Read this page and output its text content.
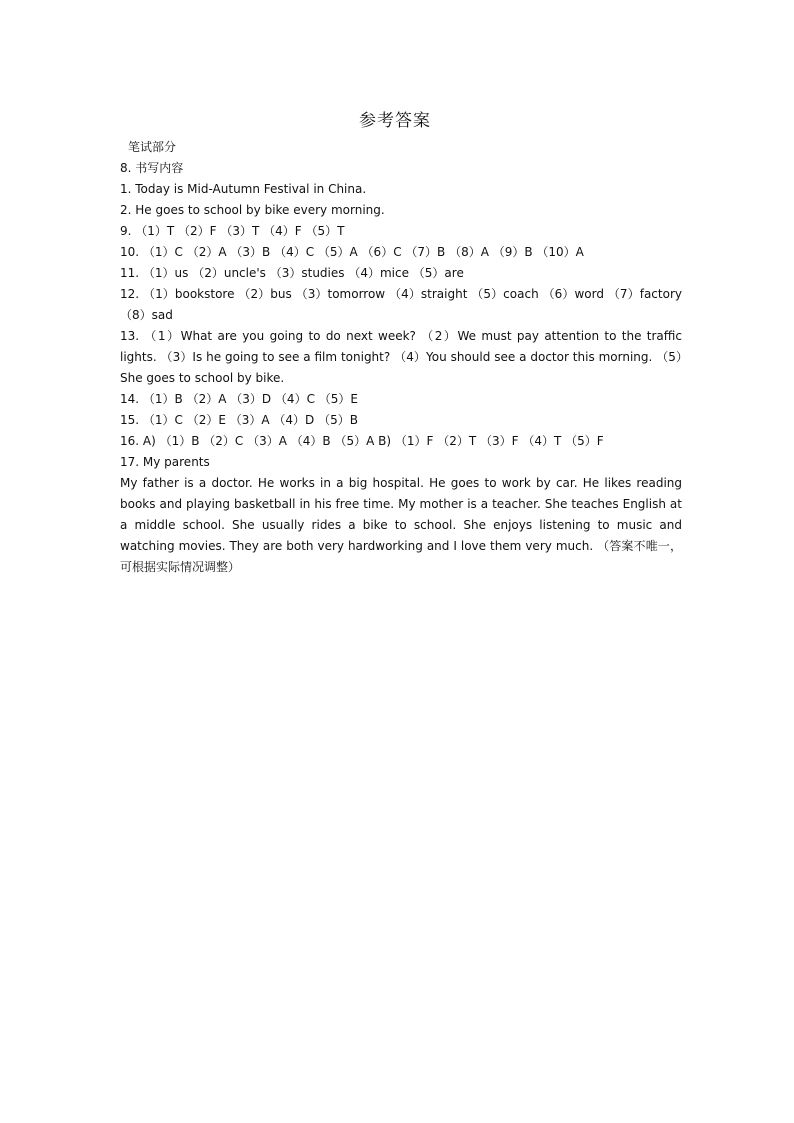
参考答案
笔试部分
8. 书写内容
1. Today is Mid-Autumn Festival in China.
2. He goes to school by bike every morning.
9. （1）T （2）F （3）T （4）F （5）T
10. （1）C （2）A （3）B （4）C （5）A （6）C （7）B （8）A （9）B （10）A
11. （1）us （2）uncle's （3）studies （4）mice （5）are
12. （1）bookstore （2）bus （3）tomorrow （4）straight （5）coach （6）word （7）factory （8）sad
13. （1）What are you going to do next week? （2）We must pay attention to the traffic lights. （3）Is he going to see a film tonight? （4）You should see a doctor this morning. （5）She goes to school by bike.
14. （1）B （2）A （3）D （4）C （5）E
15. （1）C （2）E （3）A （4）D （5）B
16. A) （1）B （2）C （3）A （4）B （5）A B) （1）F （2）T （3）F （4）T （5）F
17. My parents
My father is a doctor. He works in a big hospital. He goes to work by car. He likes reading books and playing basketball in his free time. My mother is a teacher. She teaches English at a middle school. She usually rides a bike to school. She enjoys listening to music and watching movies. They are both very hardworking and I love them very much. （答案不唯一，可根据实际情况调整）
